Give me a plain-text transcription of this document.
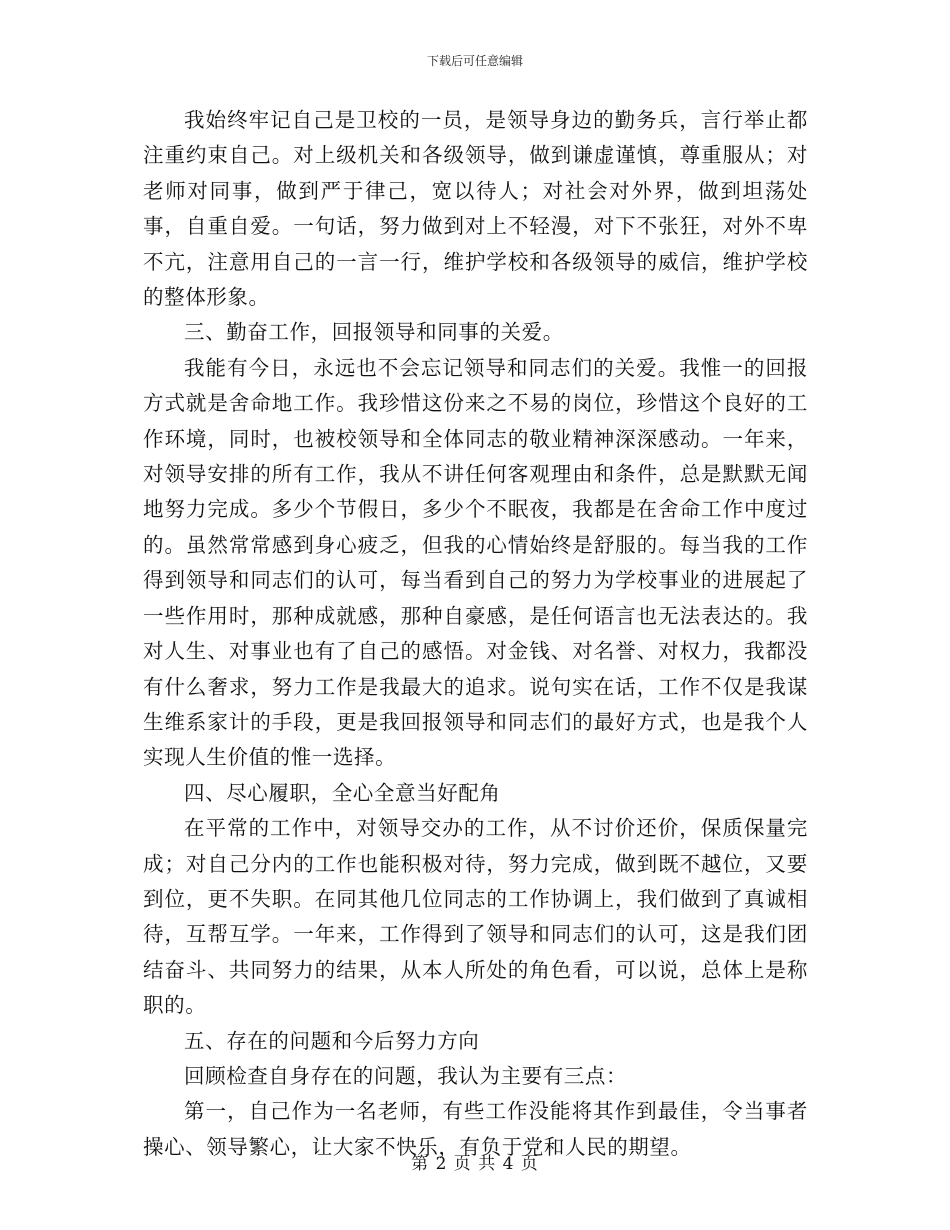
下载后可任意编辑

我始终牢记自己是卫校的一员，是领导身边的勤务兵，言行举止都注重约束自己。对上级机关和各级领导，做到谦虚谨慎，尊重服从；对老师对同事，做到严于律己，宽以待人；对社会对外界，做到坦荡处事，自重自爱。一句话，努力做到对上不轻漫，对下不张狂，对外不卑不亢，注意用自己的一言一行，维护学校和各级领导的威信，维护学校的整体形象。

三、勤奋工作，回报领导和同事的关爱。

我能有今日，永远也不会忘记领导和同志们的关爱。我惟一的回报方式就是舍命地工作。我珍惜这份来之不易的岗位，珍惜这个良好的工作环境，同时，也被校领导和全体同志的敬业精神深深感动。一年来，对领导安排的所有工作，我从不讲任何客观理由和条件，总是默默无闻地努力完成。多少个节假日，多少个不眠夜，我都是在舍命工作中度过的。虽然常常感到身心疲乏，但我的心情始终是舒服的。每当我的工作得到领导和同志们的认可，每当看到自己的努力为学校事业的进展起了一些作用时，那种成就感，那种自豪感，是任何语言也无法表达的。我对人生、对事业也有了自己的感悟。对金钱、对名誉、对权力，我都没有什么奢求，努力工作是我最大的追求。说句实在话，工作不仅是我谋生维系家计的手段，更是我回报领导和同志们的最好方式，也是我个人实现人生价值的惟一选择。

四、尽心履职，全心全意当好配角

在平常的工作中，对领导交办的工作，从不讨价还价，保质保量完成；对自己分内的工作也能积极对待，努力完成，做到既不越位，又要到位，更不失职。在同其他几位同志的工作协调上，我们做到了真诚相待，互帮互学。一年来，工作得到了领导和同志们的认可，这是我们团结奋斗、共同努力的结果，从本人所处的角色看，可以说，总体上是称职的。

五、存在的问题和今后努力方向

回顾检查自身存在的问题，我认为主要有三点：

第一，自己作为一名老师，有些工作没能将其作到最佳，令当事者操心、领导繁心，让大家不快乐，有负于党和人民的期望。

第 2 页 共 4 页
